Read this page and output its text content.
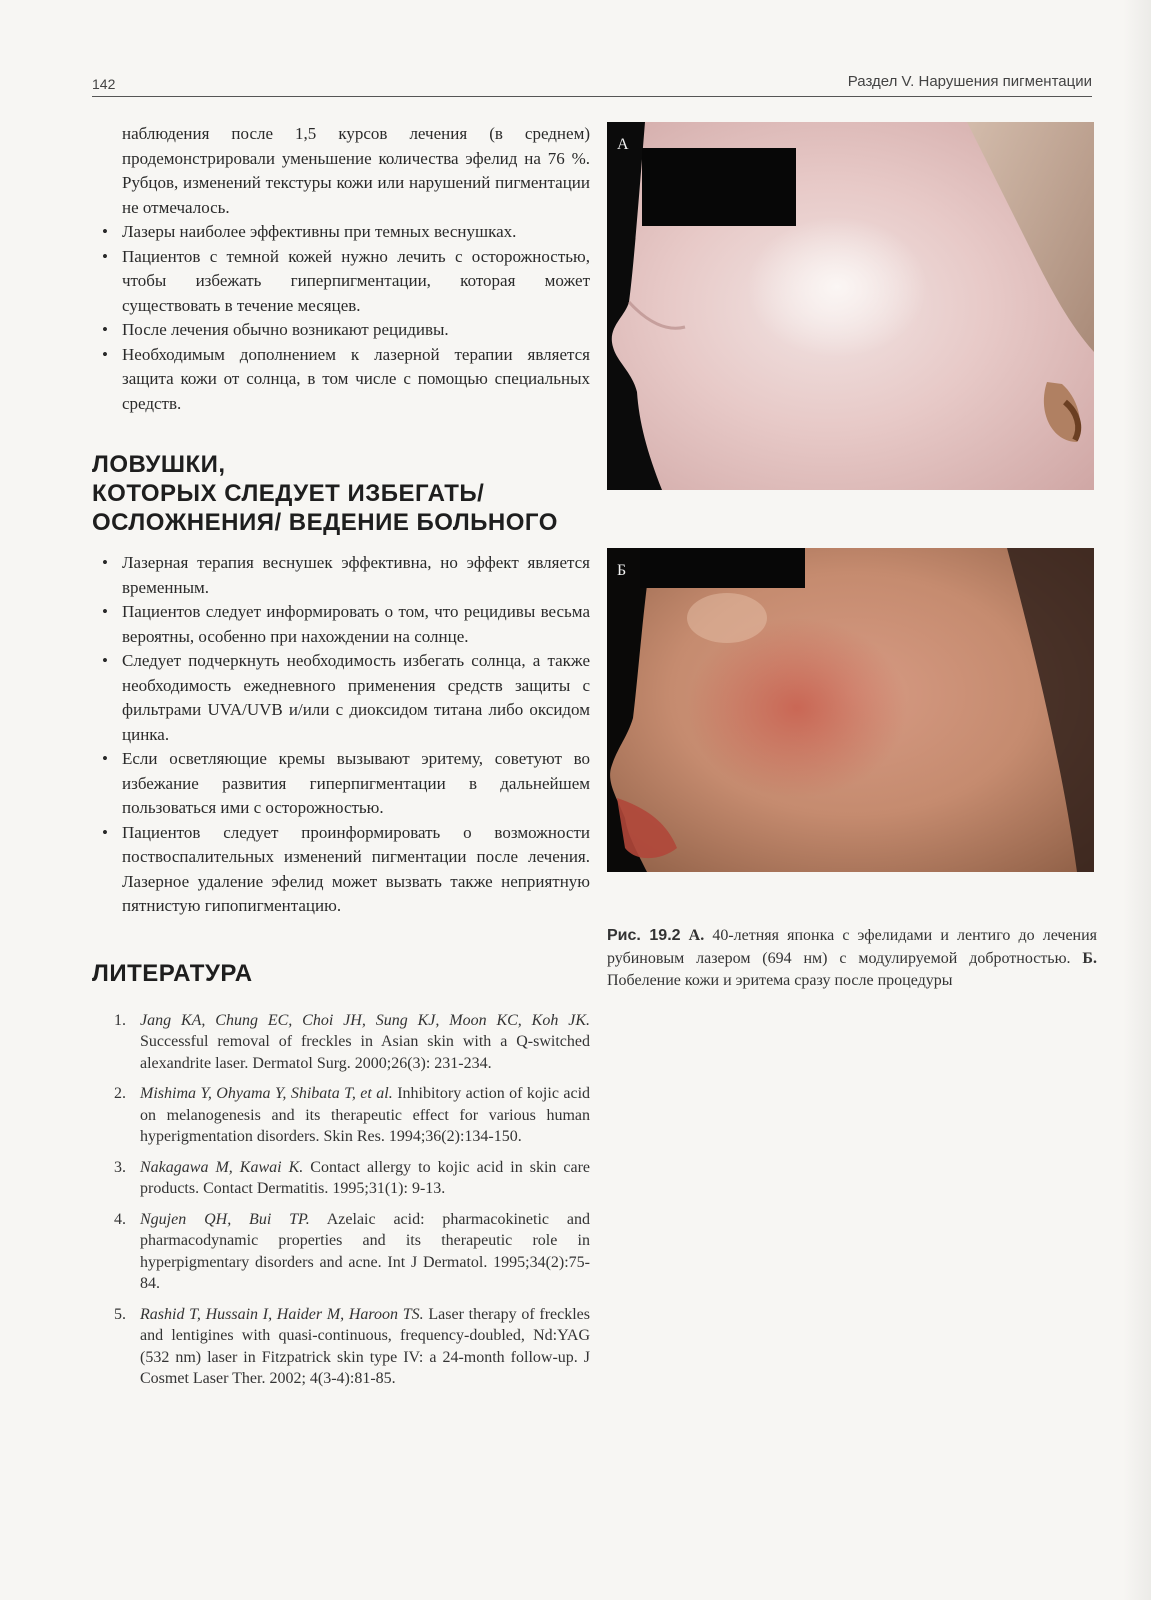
142	Раздел V. Нарушения пигментации

наблюдения после 1,5 курсов лечения (в среднем) продемонстрировали уменьшение количества эфелид на 76 %. Рубцов, изменений текстуры кожи или нарушений пигментации не отмечалось.

• Лазеры наиболее эффективны при темных веснушках.
• Пациентов с темной кожей нужно лечить с осторожностью, чтобы избежать гиперпигментации, которая может существовать в течение месяцев.
• После лечения обычно возникают рецидивы.
• Необходимым дополнением к лазерной терапии является защита кожи от солнца, в том числе с помощью специальных средств.
ЛОВУШКИ,
КОТОРЫХ СЛЕДУЕТ ИЗБЕГАТЬ/
ОСЛОЖНЕНИЯ/ ВЕДЕНИЕ БОЛЬНОГО
• Лазерная терапия веснушек эффективна, но эффект является временным.
• Пациентов следует информировать о том, что рецидивы весьма вероятны, особенно при нахождении на солнце.
• Следует подчеркнуть необходимость избегать солнца, а также необходимость ежедневного применения средств защиты с фильтрами UVA/UVB и/или с диоксидом титана либо оксидом цинка.
• Если осветляющие кремы вызывают эритему, советуют во избежание развития гиперпигментации в дальнейшем пользоваться ими с осторожностью.
• Пациентов следует проинформировать о возможности поствоспалительных изменений пигментации после лечения. Лазерное удаление эфелид может вызвать также неприятную пятнистую гипопигментацию.
ЛИТЕРАТУРА
1. Jang KA, Chung EC, Choi JH, Sung KJ, Moon KC, Koh JK. Successful removal of freckles in Asian skin with a Q-switched alexandrite laser. Dermatol Surg. 2000;26(3): 231-234.
2. Mishima Y, Ohyama Y, Shibata T, et al. Inhibitory action of kojic acid on melanogenesis and its therapeutic effect for various human hyperigmentation disorders. Skin Res. 1994;36(2):134-150.
3. Nakagawa M, Kawai K. Contact allergy to kojic acid in skin care products. Contact Dermatitis. 1995;31(1): 9-13.
4. Ngujen QH, Bui TP. Azelaic acid: pharmacokinetic and pharmacodynamic properties and its therapeutic role in hyperpigmentary disorders and acne. Int J Dermatol. 1995;34(2):75-84.
5. Rashid T, Hussain I, Haider M, Haroon TS. Laser therapy of freckles and lentigines with quasi-continuous, frequency-doubled, Nd:YAG (532 nm) laser in Fitzpatrick skin type IV: a 24-month follow-up. J Cosmet Laser Ther. 2002; 4(3-4):81-85.
А
Б

Рис. 19.2 А. 40-летняя японка с эфелидами и лентиго до лечения рубиновым лазером (694 нм) с модулируемой добротностью. Б. Побеление кожи и эритема сразу после процедуры
